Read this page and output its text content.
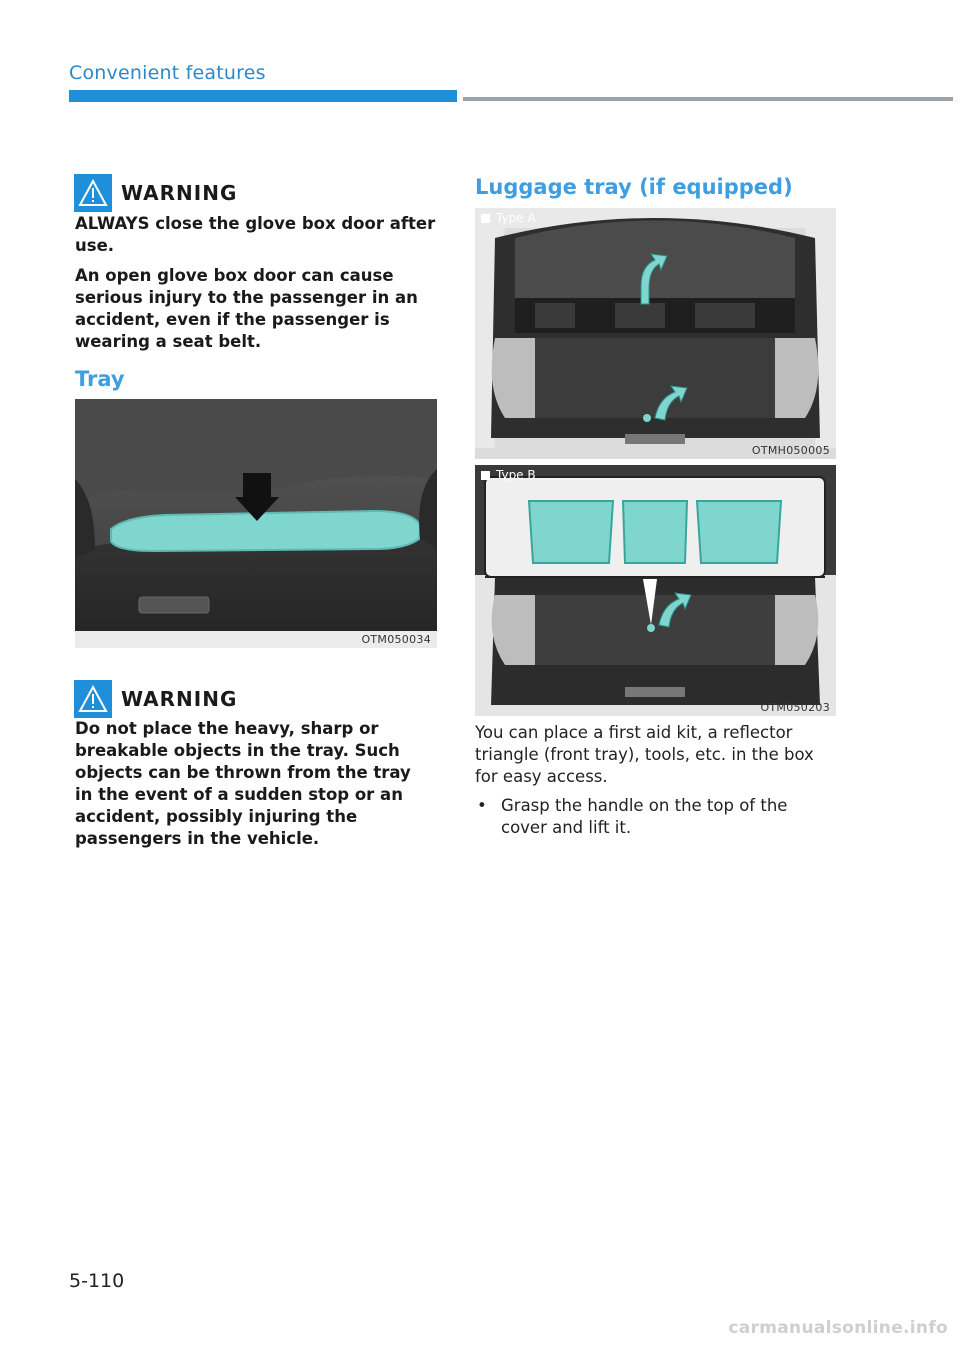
Convenient features
WARNING

ALWAYS close the glove box door after use.

An open glove box door can cause serious injury to the passenger in an accident, even if the passenger is wearing a seat belt.

Tray
OTM050034
WARNING
Do not place the heavy, sharp or breakable objects in the tray. Such objects can be thrown from the tray in the event of a sudden stop or an accident, possibly injuring the passengers in the vehicle.
Luggage tray (if equipped)
Type A
OTMH050005
Type B
OTM050203
You can place a first aid kit, a reflector triangle (front tray), tools, etc. in the box for easy access.
• Grasp the handle on the top of the cover and lift it.
5-110
carmanualsonline.info
